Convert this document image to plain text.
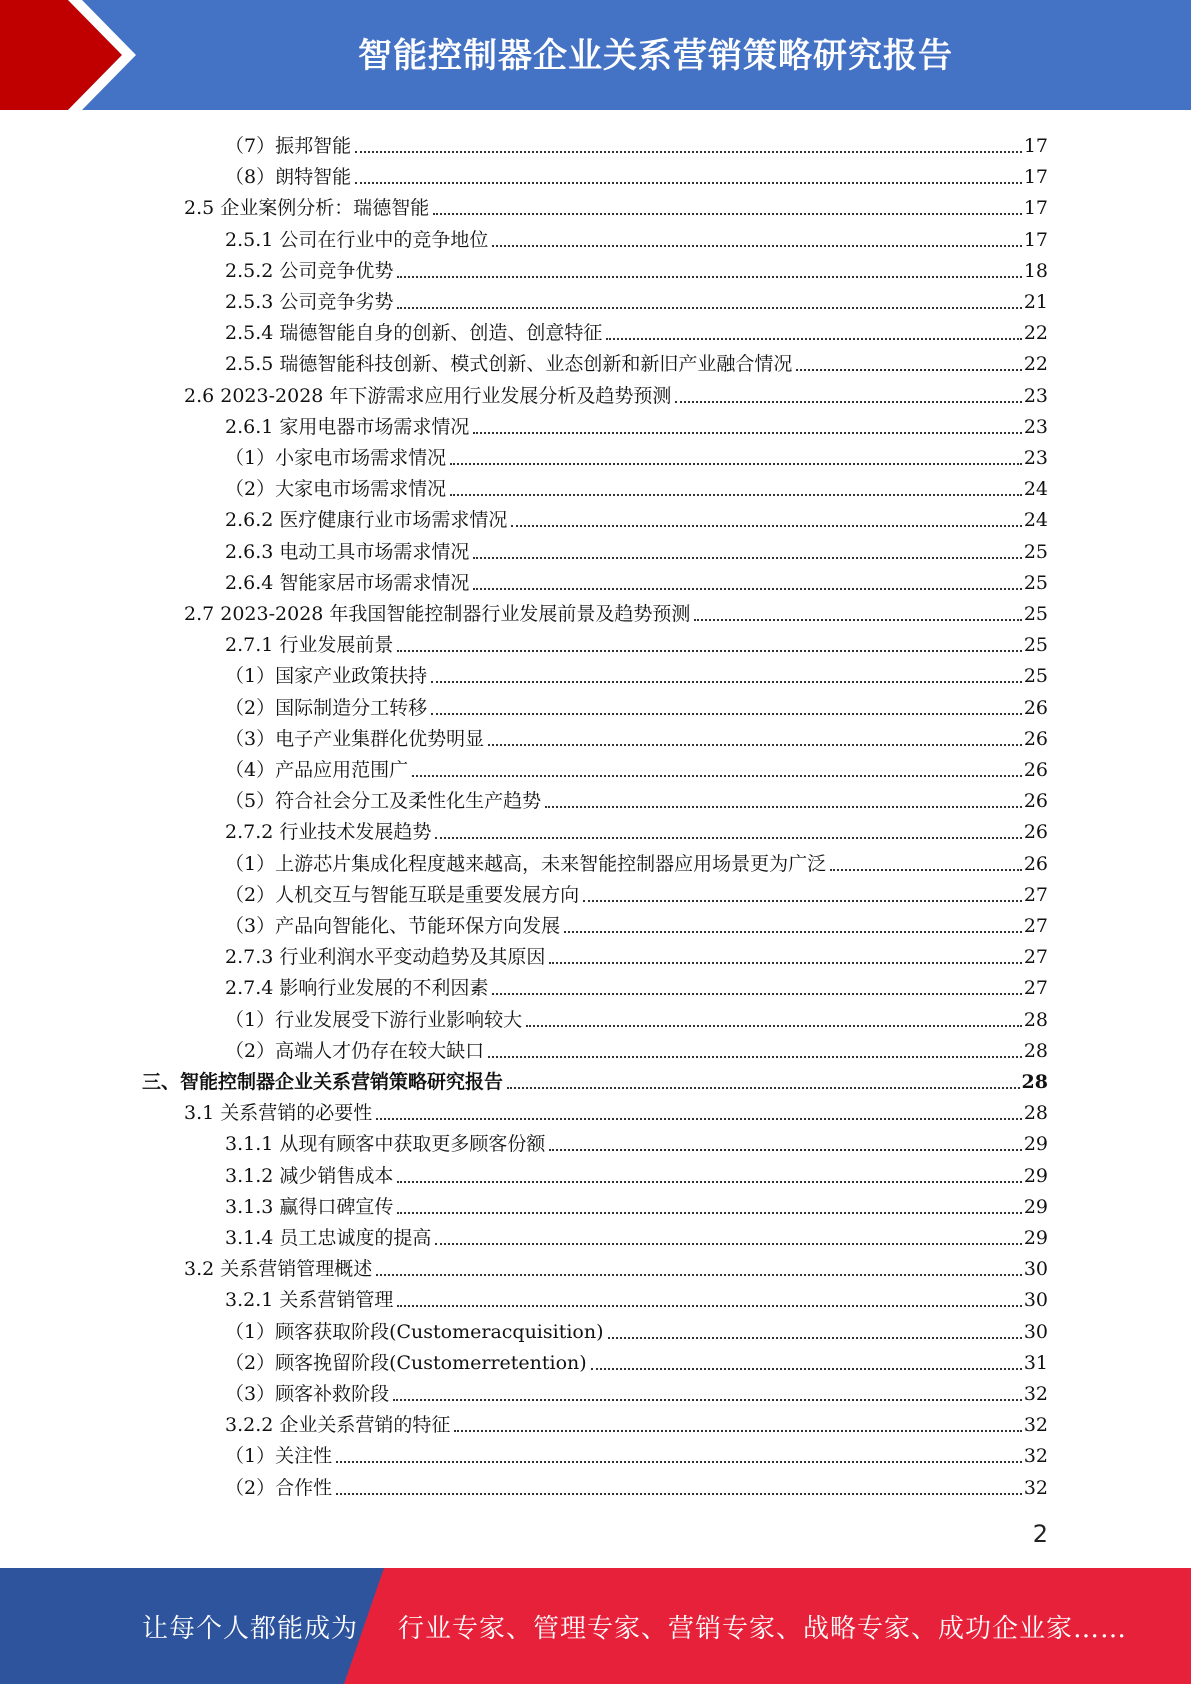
智能控制器企业关系营销策略研究报告
（7）振邦智能	17
（8）朗特智能	17
2.5 企业案例分析：瑞德智能	17
2.5.1 公司在行业中的竞争地位	17
2.5.2 公司竞争优势	18
2.5.3 公司竞争劣势	21
2.5.4 瑞德智能自身的创新、创造、创意特征	22
2.5.5 瑞德智能科技创新、模式创新、业态创新和新旧产业融合情况	22
2.6 2023-2028 年下游需求应用行业发展分析及趋势预测	23
2.6.1 家用电器市场需求情况	23
（1）小家电市场需求情况	23
（2）大家电市场需求情况	24
2.6.2 医疗健康行业市场需求情况	24
2.6.3 电动工具市场需求情况	25
2.6.4 智能家居市场需求情况	25
2.7 2023-2028 年我国智能控制器行业发展前景及趋势预测	25
2.7.1 行业发展前景	25
（1）国家产业政策扶持	25
（2）国际制造分工转移	26
（3）电子产业集群化优势明显	26
（4）产品应用范围广	26
（5）符合社会分工及柔性化生产趋势	26
2.7.2 行业技术发展趋势	26
（1）上游芯片集成化程度越来越高，未来智能控制器应用场景更为广泛	26
（2）人机交互与智能互联是重要发展方向	27
（3）产品向智能化、节能环保方向发展	27
2.7.3 行业利润水平变动趋势及其原因	27
2.7.4 影响行业发展的不利因素	27
（1）行业发展受下游行业影响较大	28
（2）高端人才仍存在较大缺口	28
三、智能控制器企业关系营销策略研究报告	28
3.1 关系营销的必要性	28
3.1.1 从现有顾客中获取更多顾客份额	29
3.1.2 减少销售成本	29
3.1.3 赢得口碑宣传	29
3.1.4 员工忠诚度的提高	29
3.2 关系营销管理概述	30
3.2.1 关系营销管理	30
（1）顾客获取阶段(Customeracquisition)	30
（2）顾客挽留阶段(Customerretention)	31
（3）顾客补救阶段	32
3.2.2 企业关系营销的特征	32
（1）关注性	32
（2）合作性	32
2
让每个人都能成为 行业专家、管理专家、营销专家、战略专家、成功企业家……
